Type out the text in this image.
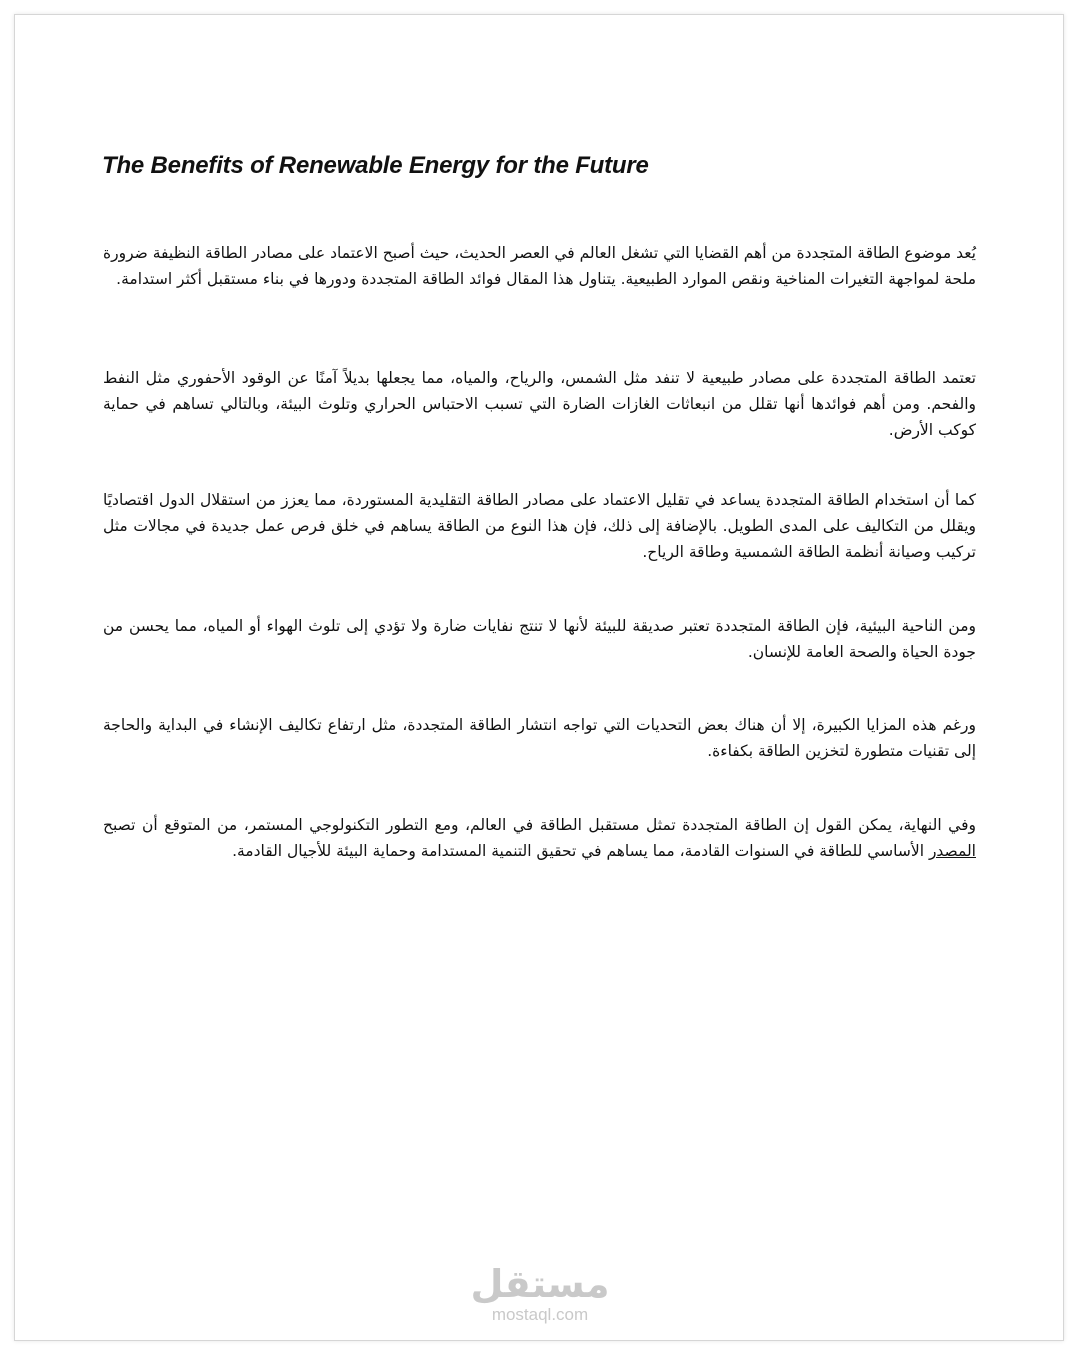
The Benefits of Renewable Energy for the Future

يُعد موضوع الطاقة المتجددة من أهم القضايا التي تشغل العالم في العصر الحديث، حيث أصبح الاعتماد على مصادر الطاقة النظيفة ضرورة ملحة لمواجهة التغيرات المناخية ونقص الموارد الطبيعية. يتناول هذا المقال فوائد الطاقة المتجددة ودورها في بناء مستقبل أكثر استدامة.

تعتمد الطاقة المتجددة على مصادر طبيعية لا تنفد مثل الشمس، والرياح، والمياه، مما يجعلها بديلاً آمنًا عن الوقود الأحفوري مثل النفط والفحم. ومن أهم فوائدها أنها تقلل من انبعاثات الغازات الضارة التي تسبب الاحتباس الحراري وتلوث البيئة، وبالتالي تساهم في حماية كوكب الأرض.

كما أن استخدام الطاقة المتجددة يساعد في تقليل الاعتماد على مصادر الطاقة التقليدية المستوردة، مما يعزز من استقلال الدول اقتصاديًا ويقلل من التكاليف على المدى الطويل. بالإضافة إلى ذلك، فإن هذا النوع من الطاقة يساهم في خلق فرص عمل جديدة في مجالات مثل تركيب وصيانة أنظمة الطاقة الشمسية وطاقة الرياح.

ومن الناحية البيئية، فإن الطاقة المتجددة تعتبر صديقة للبيئة لأنها لا تنتج نفايات ضارة ولا تؤدي إلى تلوث الهواء أو المياه، مما يحسن من جودة الحياة والصحة العامة للإنسان.

ورغم هذه المزايا الكبيرة، إلا أن هناك بعض التحديات التي تواجه انتشار الطاقة المتجددة، مثل ارتفاع تكاليف الإنشاء في البداية والحاجة إلى تقنيات متطورة لتخزين الطاقة بكفاءة.

وفي النهاية، يمكن القول إن الطاقة المتجددة تمثل مستقبل الطاقة في العالم، ومع التطور التكنولوجي المستمر، من المتوقع أن تصبح المصدر الأساسي للطاقة في السنوات القادمة، مما يساهم في تحقيق التنمية المستدامة وحماية البيئة للأجيال القادمة.

مستقل
mostaql.com
